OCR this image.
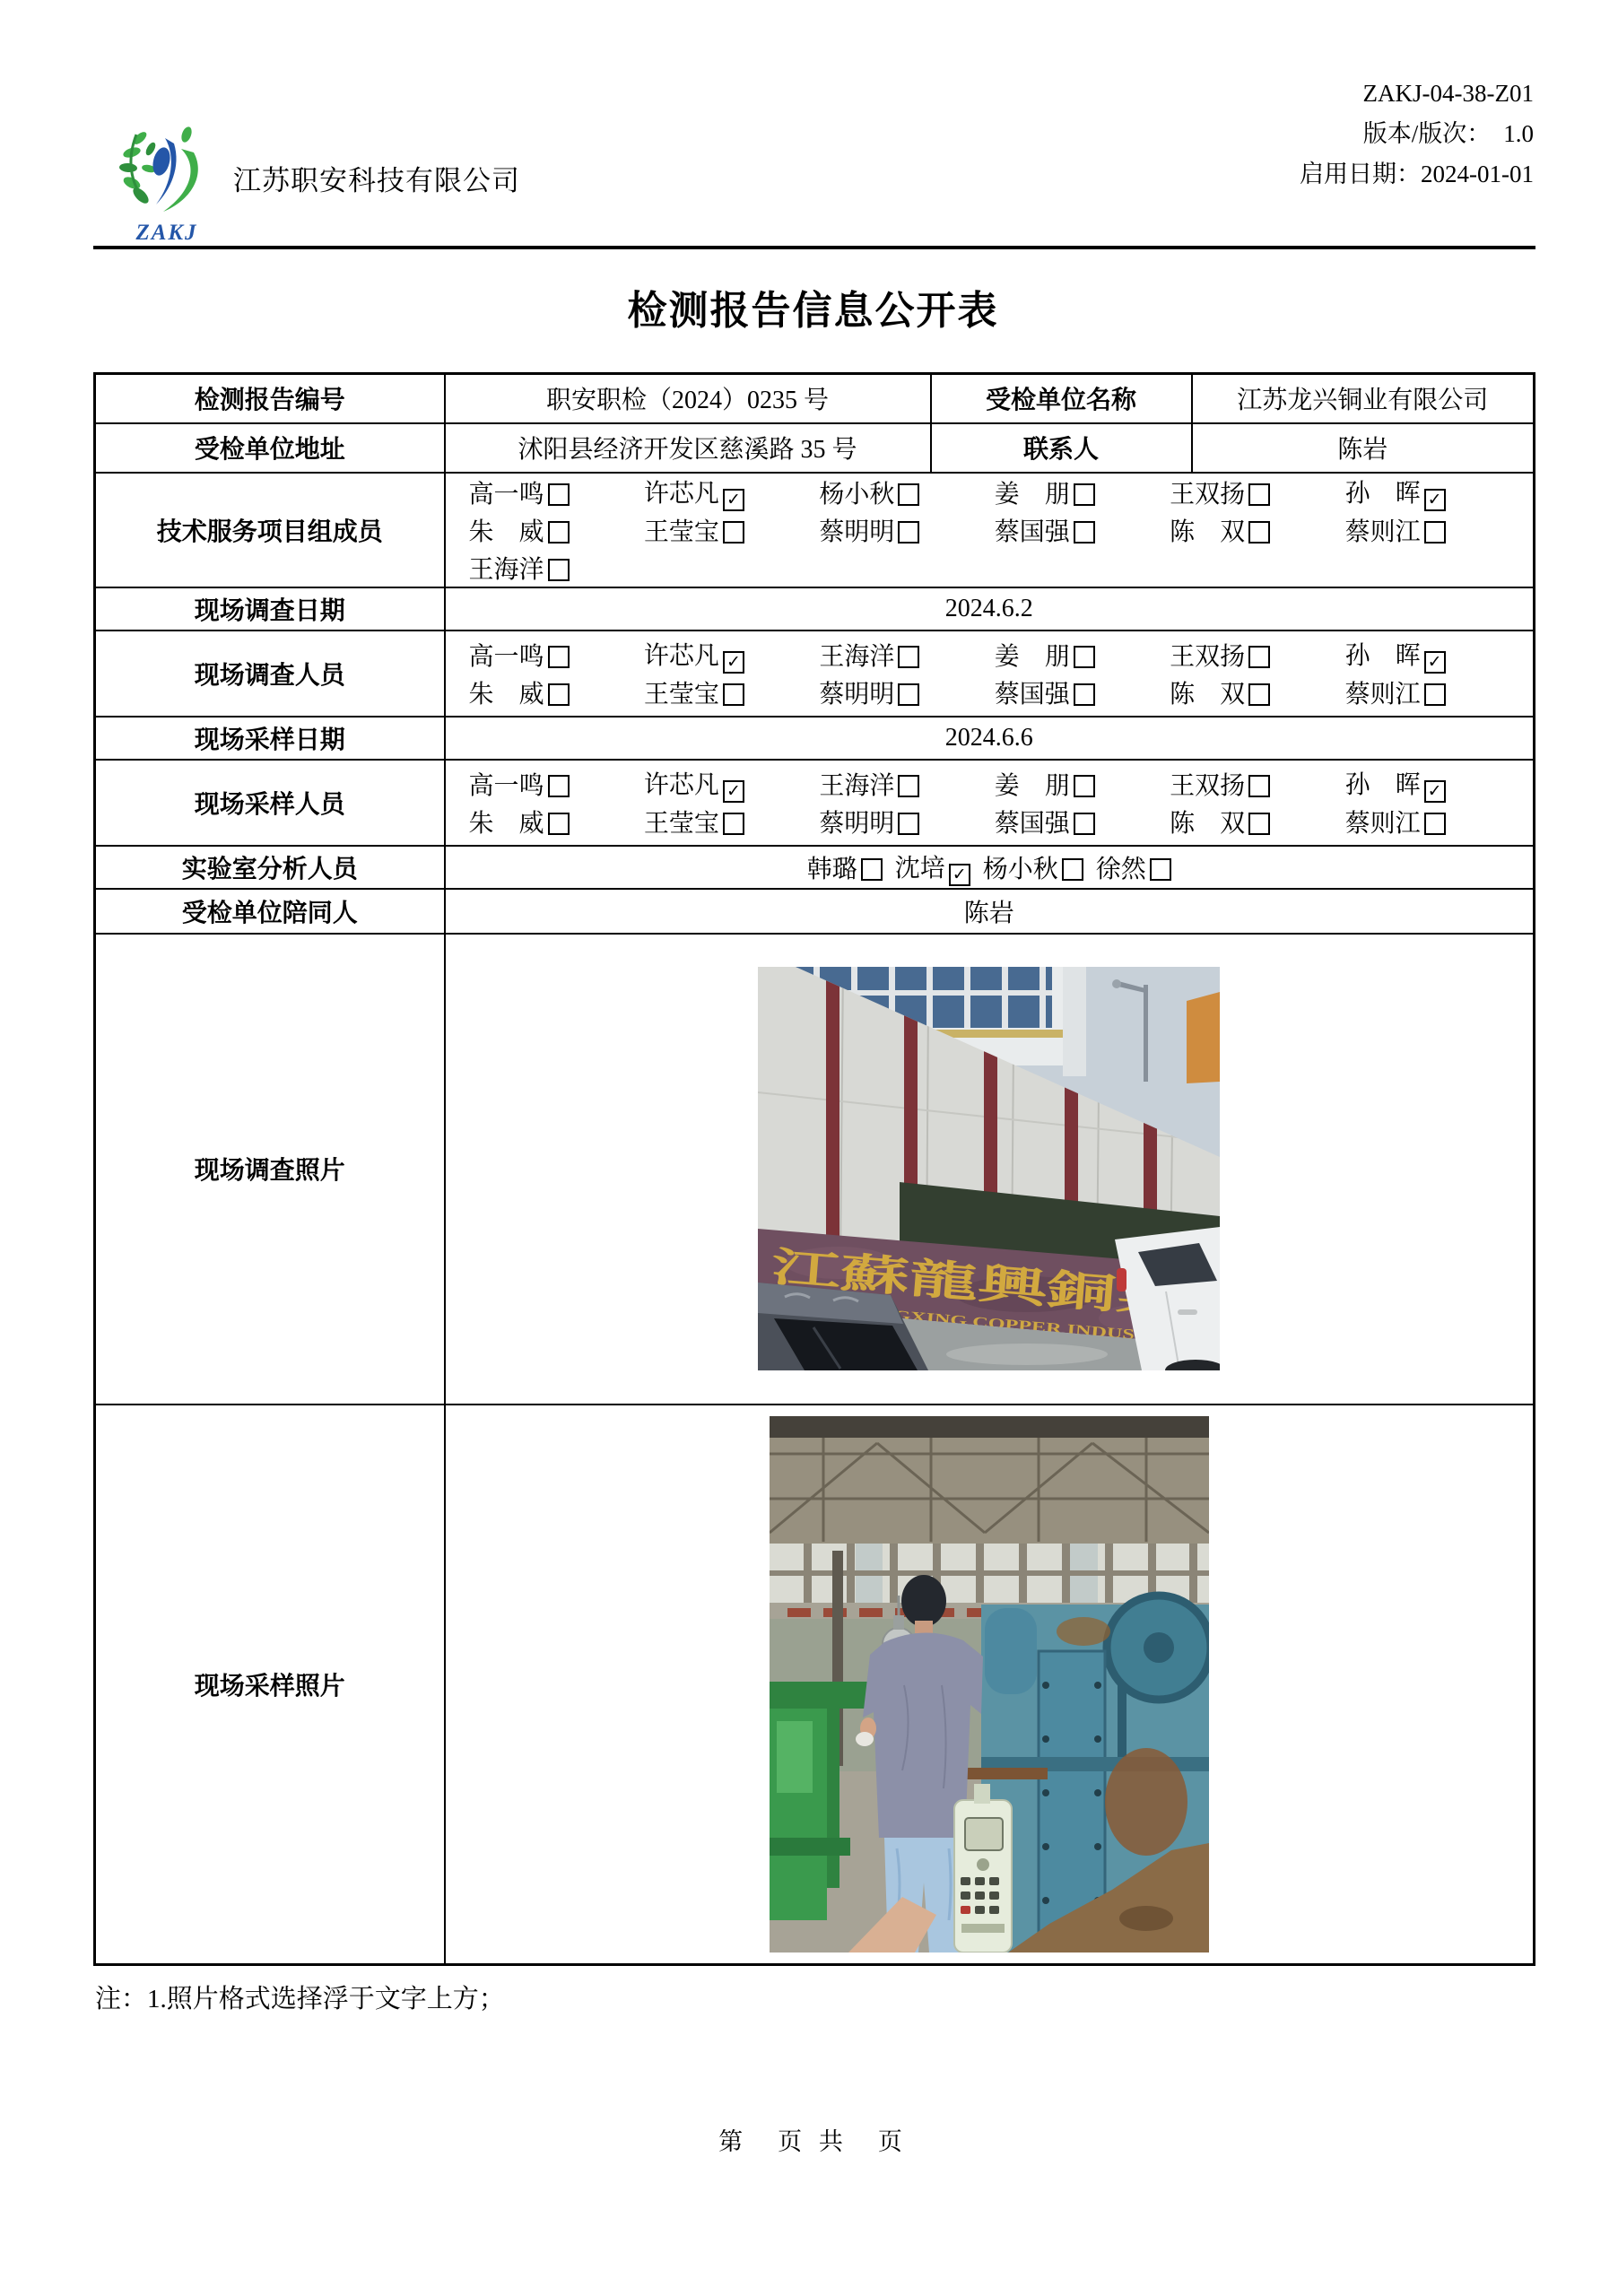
ZAKJ
江苏职安科技有限公司
ZAKJ-04-38-Z01
版本/版次： 1.0
启用日期：2024-01-01
检测报告信息公开表
检测报告编号	职安职检（2024）0235 号	受检单位名称	江苏龙兴铜业有限公司
受检单位地址	沭阳县经济开发区慈溪路 35 号	联系人	陈岩
技术服务项目组成员	
高一鸣	许芯凡 ✓	杨小秋	姜　朋	王双扬	孙　晖✓
朱　威	王莹宝	蔡明明	蔡国强	陈　双	蔡则江
王海洋

现场调查日期	2024.6.2		
现场调查人员	
高一鸣	许芯凡 ✓	王海洋	姜　朋	王双扬	孙　晖✓
朱　威	王莹宝	蔡明明	蔡国强	陈　双	蔡则江

现场采样日期	2024.6.6		
现场采样人员	
高一鸣	许芯凡 ✓	王海洋	姜　朋	王双扬	孙　晖✓
朱　威	王莹宝	蔡明明	蔡国强	陈　双	蔡则江

实验室分析人员	韩璐 沈培 ✓ 杨小秋 徐然

受检单位陪同人	陈岩		
现场调查照片	江蘇龍興銅業
ANGSU LONGXING COPPER INDUSTRIE		

现场采样照片	
注：1.照片格式选择浮于文字上方；
第　页 共　页
